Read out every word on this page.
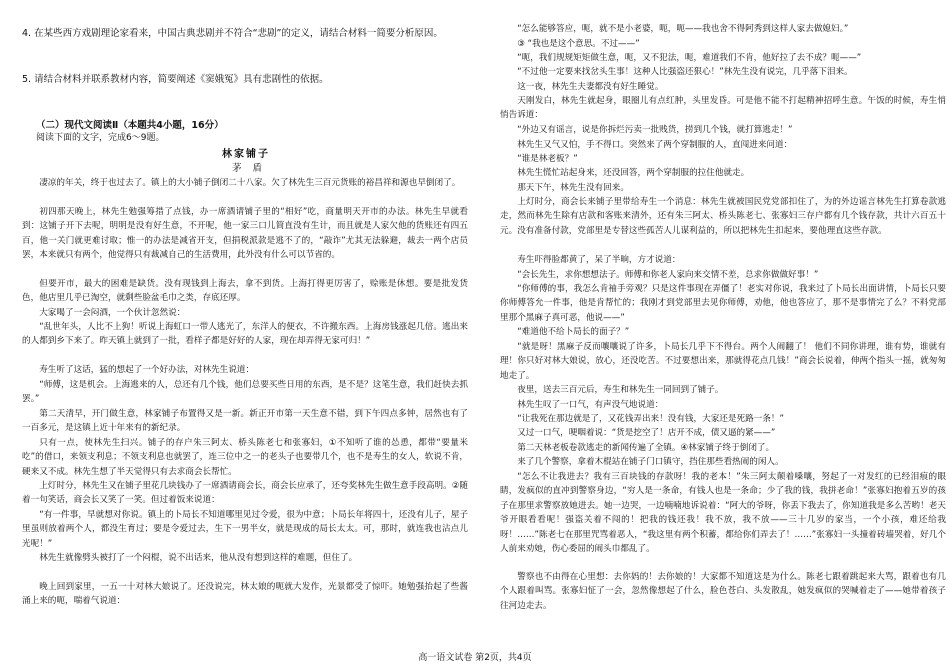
4. 在某些西方戏剧理论家看来，中国古典悲剧并不符合“悲剧”的定义，请结合材料一简要分析原因。
5. 请结合材料并联系教材内容，简要阐述《窦娥冤》具有悲剧性的依据。
（二）现代文阅读Ⅱ（本题共4小题，16分）
阅读下面的文字，完成6～9题。
林家铺子
茅 盾
凄凉的年关，终于也过去了。镇上的大小铺子倒闭二十八家。欠了林先生三百元货账的裕昌祥和源也早倒闭了。
初四那天晚上，林先生勉强筹措了点钱，办一席酒请铺子里的“相好”吃，商量明天开市的办法。林先生早就看到：这铺子开下去呢，明明是没有好生意，不开呢，他一家三口儿简直没有生计，而且就是人家欠他的货账还有四五百，他一关门就更难讨取；惟一的办法是减省开支，但捐税派款是逃不了的，“敲诈”尤其无法躲避，裁去一两个店员罢，本来就只有两个，他觉得只有裁减自己的生活费用，此外没有什么可以节省的。
但要开市，最大的困难是缺货。没有现钱到上海去，拿不到货。上海打得更厉害了，赊账是休想。要是批发货色，他店里几乎已淘空，就剩些脸盆毛巾之类，存底还厚。
大家喝了一会闷酒，一个伙计忽然说：
“乱世年头，人比不上狗！听说上海虹口一带人逃光了，东洋人的便衣，不许搬东西。上海房钱涨起几倍。逃出来的人都到乡下来了。昨天镇上就到了一批，看样子都是好好的人家，现在却弄得无家可归！”
寿生听了这话，猛的想起了一个好办法，对林先生说道：
“师傅，这是机会。上海逃来的人，总还有几个钱，他们总要买些日用的东西，是不是？这笔生意，我们赶快去抓罢。”
第二天清早，开门做生意，林家铺子布置得又是一新。新正开市第一天生意不错，到下午四点多钟，居然也有了一百多元，是这镇上近十年来有的新纪录。
只有一点，使林先生扫兴。铺子的存户朱三阿太、桥头陈老七和张寡妇，①不知听了谁的怂恿，都带“要量米吃”的借口，来领支利息；不领支利息也就罢了，连三位中之一的老头子也要带几个，也不是寿生的女人，软说不肯，硬来又不成。林先生想了半天觉得只有去求商会长帮忙。
上灯时分，林先生又在铺子里花几块钱办了一席酒请商会长，商会长应承了，还夸奖林先生做生意手段高明。②随着一句笑话，商会长又笑了一笑。但过着饭来说道：
“有一件事，早就想对你说。镇上的卜局长不知道哪里见过令爱，很为中意；卜局长年将四十，还没有儿子，屋子里虽则放着两个人，都没生育过；要是令爱过去，生下一男半女，就是现成的局长太太。可，那时，就连我也沾点儿光呢！”
林先生就像劈头被打了一个闷棍，说不出话来，他从没有想到这样的难题，但住了。
晚上回到家里，一五一十对林大娘说了。还没说完，林太娘的呃就大发作，光景都受了惊吓。她勉强抬起了些酱涌上来的呃，喘着气说道：
“怎么能够答应，呃，就不是小老婆，呃，呃——我也舍不得阿秀到这样人家去做媳妇。”
③ “我也是这个意思。不过——”
“呃，我们规规矩矩做生意，呃，又不犯法，呃，难道我们不肯，他好拉了去不成？呃——”
“不过他一定要来找岔头生事！这种人比强盗还狠心！”林先生没有说完，几乎落下泪来。
这一夜，林先生夫妻都没有好生睡觉。
天刚发白，林先生就起身，眼圈儿有点红肿，头里发昏。可是他不能不打起精神招呼生意。午饭的时候，寿生悄悄告诉道：
“外边又有谣言，说是你拆烂污卖一批贱货，捞到几个钱，就打算逃走！”
林先生又气又怕，手不得口。突然来了两个穿制服的人，直闯进来问道：
“谁是林老板？”
林先生慌忙站起身来，还没回答，两个穿制服的拉住他就走。
那天下午，林先生没有回来。
上灯时分，商会长来铺子里带给寿生一个消息：林先生就被国民党党部扣住了，为的外边谣言林先生打算卷款逃走，然而林先生除有店款和客账来清外，还有朱三阿太、桥头陈老七、张寡妇三存户都有几个钱存款，共计六百五十元。没有准备付款，党部里是专替这些孤苦人儿谋利益的，所以把林先生扣起来，要他理直这些存款。
寿生吓得脸都黄了，呆了半晌，方才说道：
“会长先生，求你想想法子。师傅和你老人家向来交情不差，总求你做做好事！”
“你师傅的事，我怎么肯袖手旁观？只是这件事现在弄僵了！老实对你说，我来过了卜局长出面讲情，卜局长只要你师傅答允一件事，他是肯帮忙的；我刚才到党部里去见你师傅，劝他，他也答应了，那不是事情完了么？不料党部里那个黑麻子真可恶，他说——”
“难道他不给卜局长的面子？”
“就是呀！黑麻子反而嚷嚷说了许多，卜局长几乎下不得台。两个人闹翻了！ 他们不同你讲理，谁有势，谁就有理！你只好对林大娘说，放心，还没吃苦。不过要想出来，那就得花点几钱！”商会长说着，伸两个指头一摇，就匆匆地走了。
夜里，送去三百元后，寿生和林先生一同回到了铺子。
林先生叹了一口气，有声没气地说道：
“让我死在那边就是了，又花钱弄出来！没有钱，大家还是死路一条！”
又过一口气，哽咽着说：“货是挖空了！店开不成，债又逼的紧——”
第二天林老板卷款逃走的新闻传遍了全镇。④林家铺子终于倒闭了。
来了几个警察，拿着木棍站在铺子门口镇守，挡住那些看热闹的闲人。
“怎么不让我进去？我有三百块钱的存款呀！我的老本！”朱三阿太颠着嗓嚷，努起了一对发红的已经泪痕的眼睛，发疯似的直冲到警察身边，“穷人是一条命，有钱人也是一条命；少了我的钱，我拼老命！”张寡妇抱着五岁的孩子在那里求警察放她进去。她一边哭，一边喃喃地诉说着：“阿大的爷呀，你丢下我去了，你知道我是多么苦哟！老天爷开眼看看呢！强盗关着不闯的！把我的钱还我！我不放，我不放——三十几岁的家当，一个小孩，难还给我呀！……”陈老七在那里咒骂着恶人，“我这里有两个积蓄，都给你们弄去了！……”张寡妇一头撞着砖墙哭着，好几个人前来劝她，伤心委屈的闹头巾都乱了。
警察也不由得在心里想：去你妈的！去你娘的！大家都不知道这是为什么。陈老七跟着跳起来大骂，跟着也有几个人跟着叫骂。张寡妇怔了一会，忽然像想起了什么，脸色苍白、头发散乱，她发疯似的哭喊着走了——她带着孩子往河边走去。
高一语文试卷 第2页，共4页
